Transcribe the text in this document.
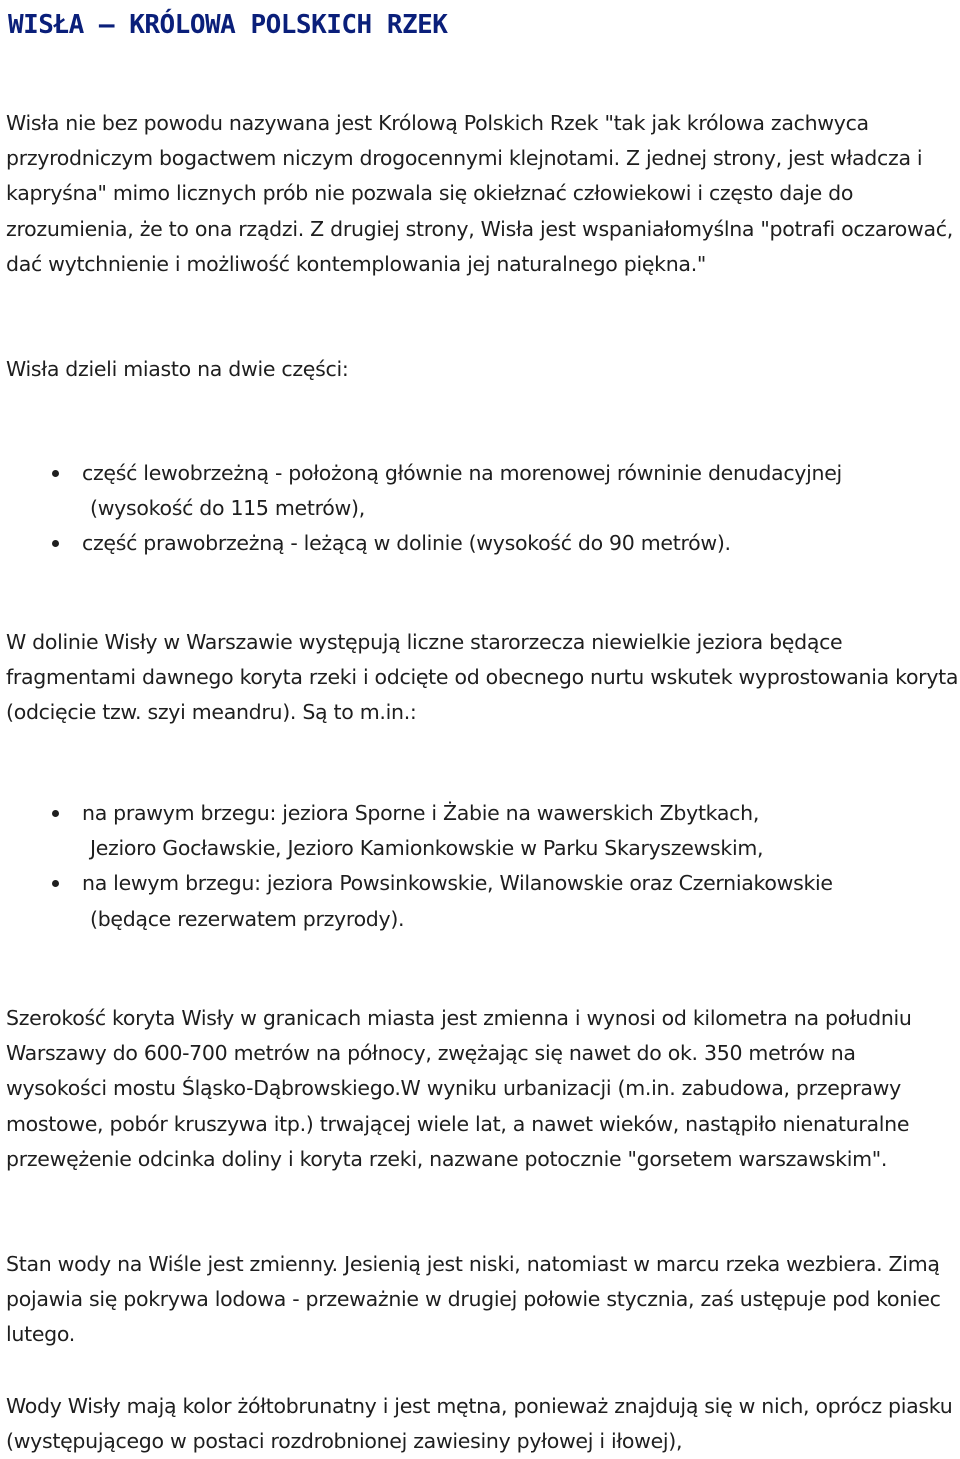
WISŁA – KRÓLOWA POLSKICH RZEK

Wisła nie bez powodu nazywana jest Królową Polskich Rzek "tak jak królowa zachwyca przyrodniczym bogactwem niczym drogocennymi klejnotami. Z jednej strony, jest władcza i kapryśna" mimo licznych prób nie pozwala się okiełznać człowiekowi i często daje do zrozumienia, że to ona rządzi. Z drugiej strony, Wisła jest wspaniałomyślna "potrafi oczarować, dać wytchnienie i możliwość kontemplowania jej naturalnego piękna."

Wisła dzieli miasto na dwie części:

część lewobrzeżną - położoną głównie na morenowej równinie denudacyjnej
(wysokość do 115 metrów),
część prawobrzeżną - leżącą w dolinie (wysokość do 90 metrów).

W dolinie Wisły w Warszawie występują liczne starorzecza niewielkie jeziora będące fragmentami dawnego koryta rzeki i odcięte od obecnego nurtu wskutek wyprostowania koryta (odcięcie tzw. szyi meandru). Są to m.in.:

na prawym brzegu: jeziora Sporne i Żabie na wawerskich Zbytkach,
Jezioro Gocławskie, Jezioro Kamionkowskie w Parku Skaryszewskim,
na lewym brzegu: jeziora Powsinkowskie, Wilanowskie oraz Czerniakowskie
(będące rezerwatem przyrody).

Szerokość koryta Wisły w granicach miasta jest zmienna i wynosi od kilometra na południu Warszawy do 600-700 metrów na północy, zwężając się nawet do ok. 350 metrów na wysokości mostu Śląsko-Dąbrowskiego.W wyniku urbanizacji (m.in. zabudowa, przeprawy mostowe, pobór kruszywa itp.) trwającej wiele lat, a nawet wieków, nastąpiło nienaturalne przewężenie odcinka doliny i koryta rzeki, nazwane potocznie "gorsetem warszawskim".

Stan wody na Wiśle jest zmienny. Jesienią jest niski, natomiast w marcu rzeka wezbiera. Zimą pojawia się pokrywa lodowa - przeważnie w drugiej połowie stycznia, zaś ustępuje pod koniec lutego.

Wody Wisły mają kolor żółtobrunatny i jest mętna, ponieważ znajdują się w nich, oprócz piasku (występującego w postaci rozdrobnionej zawiesiny pyłowej i iłowej),
